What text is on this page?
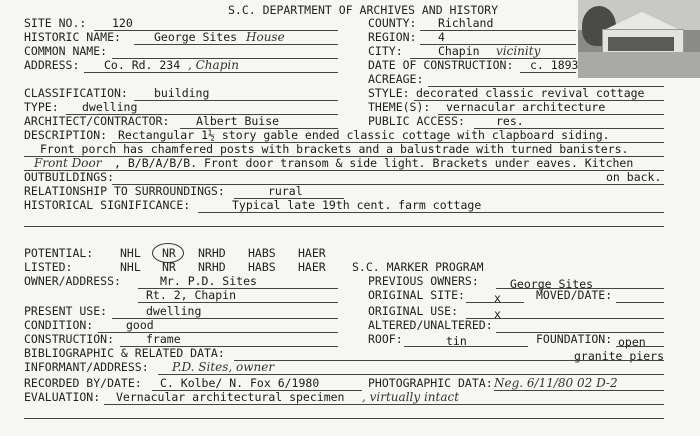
S.C. DEPARTMENT OF ARCHIVES AND HISTORY
SITE NO.: 120	COUNTY: Richland
HISTORIC NAME:	George Sites House	REGION: 4
COMMON NAME:	CITY:	Chapin vicinity
ADDRESS: Co. Rd. 234 , Chapin	DATE OF CONSTRUCTION: c. 1893
ACREAGE:
CLASSIFICATION: building	STYLE: decorated classic revival cottage
TYPE: dwelling	THEME(S): vernacular architecture
ARCHITECT/CONTRACTOR: Albert Buise	PUBLIC ACCESS:	res.
DESCRIPTION: Rectangular 1½ story gable ended classic cottage with clapboard siding.
Front porch has chamfered posts with brackets and a balustrade with turned banisters.
Front Door , B/B/A/B/B. Front door transom & side light. Brackets under eaves. Kitchen
OUTBUILDINGS:	on back.
RELATIONSHIP TO SURROUNDINGS:	rural
HISTORICAL SIGNIFICANCE:	Typical late 19th cent. farm cottage
POTENTIAL: NHL NR NRHD HABS HAER
LISTED:	NHL NR NRHD HABS HAER S.C. MARKER PROGRAM
OWNER/ADDRESS:	Mr. P.D. Sites
Rt. 2, Chapin
PREVIOUS OWNERS:	George Sites
ORIGINAL SITE:	x	MOVED/DATE:
PRESENT USE:	dwelling	ORIGINAL USE:	x
CONDITION:	good	ALTERED/UNALTERED:
CONSTRUCTION:	frame	ROOF:	tin	FOUNDATION: open
BIBLIOGRAPHIC & RELATED DATA:	granite piers
INFORMANT/ADDRESS: P.D. Sites, owner
RECORDED BY/DATE: C. Kolbe/ N. Fox 6/1980	PHOTOGRAPHIC DATA: Neg. 6/11/80 02 D-2
EVALUATION: Vernacular architectural specimen , virtually intact
